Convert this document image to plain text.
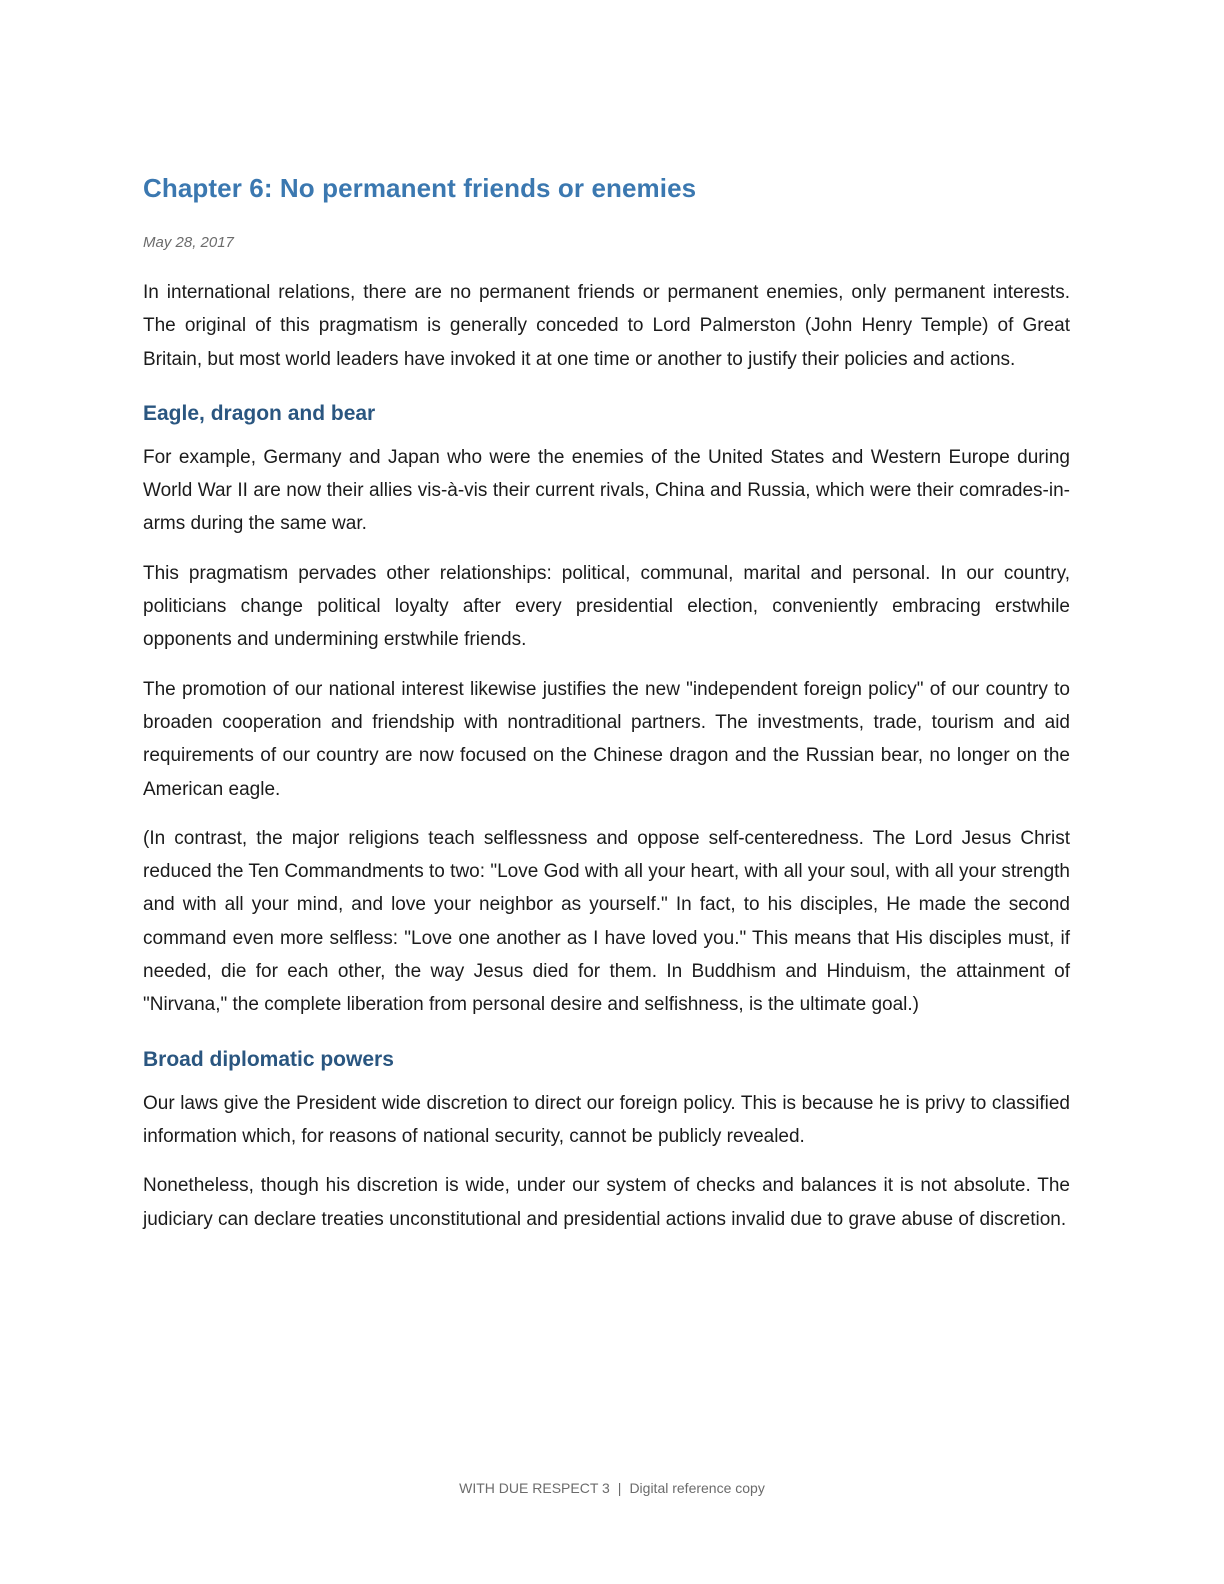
Chapter 6: No permanent friends or enemies
May 28, 2017

In international relations, there are no permanent friends or permanent enemies, only permanent interests. The original of this pragmatism is generally conceded to Lord Palmerston (John Henry Temple) of Great Britain, but most world leaders have invoked it at one time or another to justify their policies and actions.

Eagle, dragon and bear

For example, Germany and Japan who were the enemies of the United States and Western Europe during World War II are now their allies vis-à-vis their current rivals, China and Russia, which were their comrades-in-arms during the same war.

This pragmatism pervades other relationships: political, communal, marital and personal. In our country, politicians change political loyalty after every presidential election, conveniently embracing erstwhile opponents and undermining erstwhile friends.

The promotion of our national interest likewise justifies the new "independent foreign policy" of our country to broaden cooperation and friendship with nontraditional partners. The investments, trade, tourism and aid requirements of our country are now focused on the Chinese dragon and the Russian bear, no longer on the American eagle.

(In contrast, the major religions teach selflessness and oppose self-centeredness. The Lord Jesus Christ reduced the Ten Commandments to two: "Love God with all your heart, with all your soul, with all your strength and with all your mind, and love your neighbor as yourself." In fact, to his disciples, He made the second command even more selfless: "Love one another as I have loved you." This means that His disciples must, if needed, die for each other, the way Jesus died for them. In Buddhism and Hinduism, the attainment of "Nirvana," the complete liberation from personal desire and selfishness, is the ultimate goal.)

Broad diplomatic powers

Our laws give the President wide discretion to direct our foreign policy. This is because he is privy to classified information which, for reasons of national security, cannot be publicly revealed.

Nonetheless, though his discretion is wide, under our system of checks and balances it is not absolute. The judiciary can declare treaties unconstitutional and presidential actions invalid due to grave abuse of discretion.

WITH DUE RESPECT 3 | Digital reference copy
